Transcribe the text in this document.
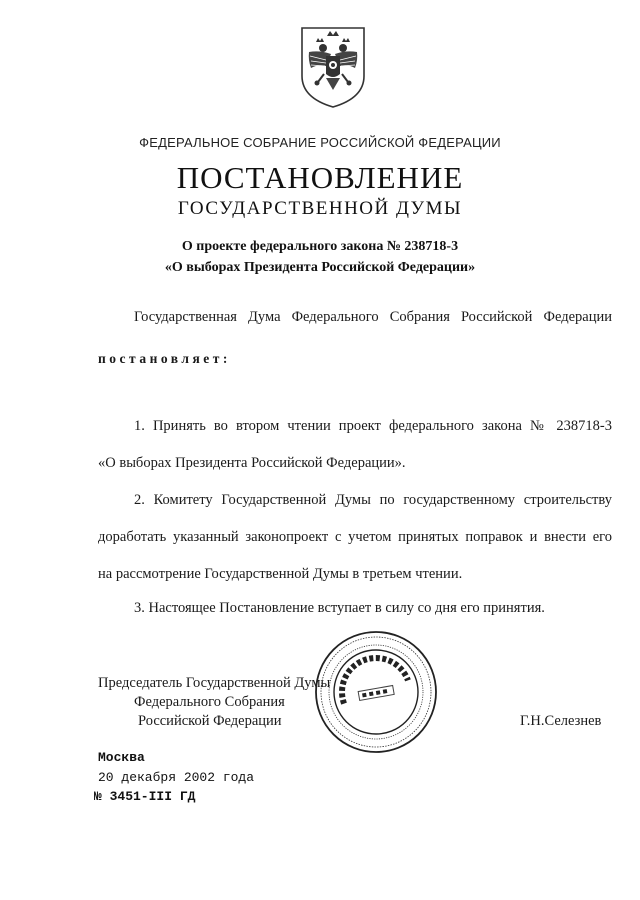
ФЕДЕРАЛЬНОЕ СОБРАНИЕ РОССИЙСКОЙ ФЕДЕРАЦИИ
ПОСТАНОВЛЕНИЕ
ГОСУДАРСТВЕННОЙ ДУМЫ
О проекте федерального закона № 238718-3
«О выборах Президента Российской Федерации»
Государственная Дума Федерального Собрания Российской Федерации
постановляет:
1. Принять во втором чтении проект федерального закона № 238718-3
«О выборах Президента Российской Федерации».
2. Комитету Государственной Думы по государственному строительству
доработать указанный законопроект с учетом принятых поправок и внести его
на рассмотрение Государственной Думы в третьем чтении.
3. Настоящее Постановление вступает в силу со дня его принятия.
Председатель Государственной Думы
Федерального Собрания
Российской Федерации	Г.Н.Селезнев
Москва
20 декабря 2002 года
№ 3451-III ГД
